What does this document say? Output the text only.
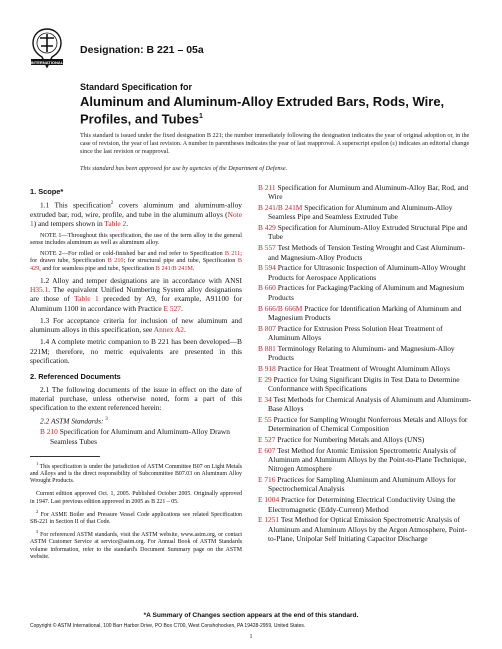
INTERNATIONAL
Designation: B 221 – 05a
Standard Specification for
Aluminum and Aluminum-Alloy Extruded Bars, Rods, Wire,
Profiles, and Tubes$^1$
This standard is issued under the fixed designation B 221; the number immediately following the designation indicates the year of original adoption or, in the case of revision, the year of last revision. A number in parentheses indicates the year of last reapproval. A superscript epsilon (ε) indicates an editorial change since the last revision or reapproval.
This standard has been approved for use by agencies of the Department of Defense.
1. Scope*

1.1 This specification$^2$ covers aluminum and aluminum-alloy extruded bar, rod, wire, profile, and tube in the aluminum alloys (Note 1) and tempers shown in Table 2.

NOTE 1—Throughout this specification, the use of the term alloy in the general sense includes aluminum as well as aluminum alloy.
NOTE 2—For rolled or cold-finished bar and rod refer to Specification B 211; for drawn tube, Specification B 210; for structural pipe and tube, Specification B 429, and for seamless pipe and tube, Specification B 241/B 241M.

1.2 Alloy and temper designations are in accordance with ANSI H35.1. The equivalent Unified Numbering System alloy designations are those of Table 1 preceded by A9, for example, A91100 for Aluminum 1100 in accordance with Practice E 527.

1.3 For acceptance criteria for inclusion of new aluminum and aluminum alloys in this specification, see Annex A2.

1.4 A complete metric companion to B 221 has been developed—B 221M; therefore, no metric equivalents are presented in this specification.

2. Referenced Documents

2.1 The following documents of the issue in effect on the date of material purchase, unless otherwise noted, form a part of this specification to the extent referenced herein:

2.2 ASTM Standards: $^3$

B 210 Specification for Aluminum and Aluminum-Alloy Drawn Seamless Tubes
$^1$ This specification is under the jurisdiction of ASTM Committee B07 on Light Metals and Alloys and is the direct responsibility of Subcommittee B07.03 on Aluminum Alloy Wrought Products.
Current edition approved Oct. 1, 2005. Published October 2005. Originally approved in 1947. Last previous edition approved in 2005 as B 221 – 05.
$^2$ For ASME Boiler and Pressure Vessel Code applications see related Specification SB-221 in Section II of that Code.
$^3$ For referenced ASTM standards, visit the ASTM website, www.astm.org, or contact ASTM Customer Service at service@astm.org. For Annual Book of ASTM Standards volume information, refer to the standard's Document Summary page on the ASTM website.
B 211 Specification for Aluminum and Aluminum-Alloy Bar, Rod, and Wire
B 241/B 241M Specification for Aluminum and Aluminum-Alloy Seamless Pipe and Seamless Extruded Tube
B 429 Specification for Aluminum-Alloy Extruded Structural Pipe and Tube
B 557 Test Methods of Tension Testing Wrought and Cast Aluminum- and Magnesium-Alloy Products
B 594 Practice for Ultrasonic Inspection of Aluminum-Alloy Wrought Products for Aerospace Applications
B 660 Practices for Packaging/Packing of Aluminum and Magnesium Products
B 666/B 666M Practice for Identification Marking of Aluminum and Magnesium Products
B 807 Practice for Extrusion Press Solution Heat Treatment of Aluminum Alloys
B 881 Terminology Relating to Aluminum- and Magnesium-Alloy Products
B 918 Practice for Heat Treatment of Wrought Aluminum Alloys
E 29 Practice for Using Significant Digits in Test Data to Determine Conformance with Specifications
E 34 Test Methods for Chemical Analysis of Aluminum and Aluminum-Base Alloys
E 55 Practice for Sampling Wrought Nonferrous Metals and Alloys for Determination of Chemical Composition
E 527 Practice for Numbering Metals and Alloys (UNS)
E 607 Test Method for Atomic Emission Spectrometric Analysis of Aluminum and Aluminum Alloys by the Point-to-Plane Technique, Nitrogen Atmosphere
E 716 Practices for Sampling Aluminum and Aluminum Alloys for Spectrochemical Analysis
E 1004 Practice for Determining Electrical Conductivity Using the Electromagnetic (Eddy-Current) Method
E 1251 Test Method for Optical Emission Spectrometric Analysis of Aluminum and Aluminum Alloys by the Argon Atmosphere, Point-to-Plane, Unipolar Self Initiating Capacitor Discharge
*A Summary of Changes section appears at the end of this standard.
Copyright © ASTM International, 100 Barr Harbor Drive, PO Box C700, West Conshohocken, PA 19428-2959, United States.
1
